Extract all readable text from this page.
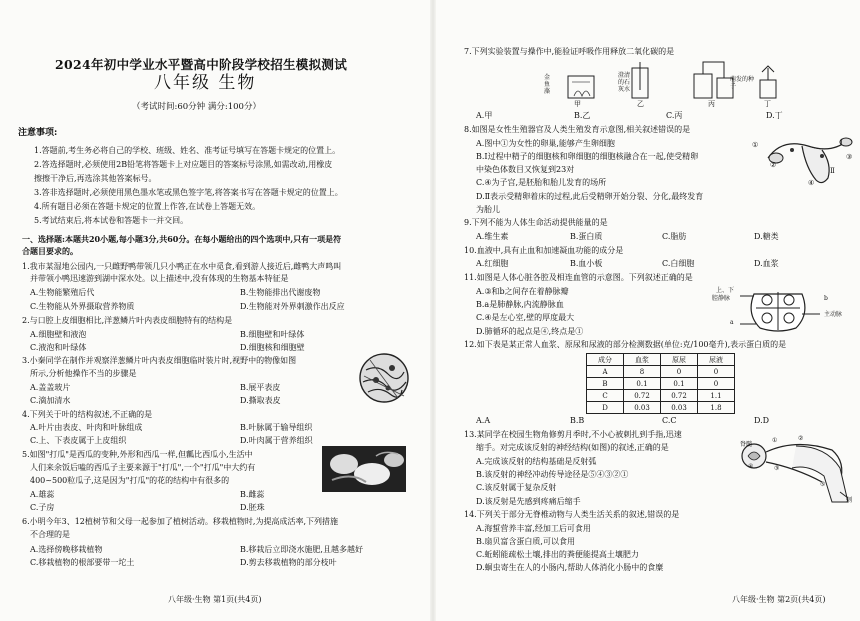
2024年初中学业水平暨高中阶段学校招生模拟测试
八年级 生物
（考试时间:60分钟 满分:100分）
注意事项:
1.答题前,考生务必将自己的学校、班级、姓名、准考证号填写在答题卡规定的位置上。
2.答选择题时,必须使用2B铅笔将答题卡上对应题目的答案标号涂黑,如需改动,用橡皮
擦擦干净后,再选涂其他答案标号。
3.答非选择题时,必须使用黑色墨水笔或黑色签字笔,将答案书写在答题卡规定的位置上。
4.所有题目必须在答题卡规定的位置上作答,在试卷上答题无效。
5.考试结束后,将本试卷和答题卡一并交回。
一、选择题:本题共20小题,每小题3分,共60分。在每小题给出的四个选项中,只有一项是符
合题目要求的。
1.我市某湿地公园内,一只雌野鸭带领几只小鸭正在水中觅食,看到游人接近后,雌鸭大声鸣叫
并带领小鸭迅速游到湖中深水处。以上描述中,没有体现的生物基本特征是
A.生物能繁殖后代	B.生物能排出代谢废物
C.生物能从外界摄取营养物质	D.生物能对外界刺激作出反应
2.与口腔上皮细胞相比,洋葱鳞片叶内表皮细胞特有的结构是
A.细胞壁和液泡	B.细胞壁和叶绿体
C.液泡和叶绿体	D.细胞核和细胞壁
3.小秦同学在制作并观察洋葱鳞片叶内表皮细胞临时装片时,视野中的物像如图
所示,分析他操作不当的步骤是
A.盖盖玻片	B.展平表皮
C.滴加清水	D.撕取表皮
4.下列关于叶的结构叙述,不正确的是
A.叶片由表皮、叶肉和叶脉组成	B.叶脉属于输导组织
C.上、下表皮属于上皮组织	D.叶肉属于营养组织
5.如图"打瓜"是西瓜的变种,外形和西瓜一样,但瓤比西瓜小,生活中
人们来余饭后嗑的西瓜子主要来源于"打瓜",一个"打瓜"中大约有
400~500粒瓜子,这是因为"打瓜"的花的结构中有很多的
A.雄蕊	B.雌蕊
C.子房	D.胚珠
6.小明今年3、12植树节和父母一起参加了植树活动。移栽植物时,为提高成活率,下列措施
不合理的是
A.选择傍晚移栽植物	B.移栽后立即浇水施肥,且越多越好
C.移栽植物的根部要带一坨土	D.剪去移栽植物的部分枝叶
八年级·生物 第1页(共4页)
7.下列实验装置与操作中,能验证呼吸作用释放二氧化碳的是
金鱼藻
澄清的石灰水
萌发的种子
甲	乙	丙	丁
A.甲	B.乙	C.丙	D.丁
8.如图是女性生殖器官及人类生殖发育示意图,相关叙述错误的是
A.图中①为女性的卵巢,能够产生卵细胞
B.Ⅰ过程中精子的细胞核和卵细胞的细胞核融合在一起,使受精卵
中染色体数目又恢复到23对
C.④为子宫,是胚胎和胎儿发育的场所
D.Ⅱ表示受精卵着床的过程,此后受精卵开始分裂、分化,最终发育
为胎儿
①
②
③
④
Ⅰ
Ⅱ
9.下列不能为人体生命活动提供能量的是
A.维生素	B.蛋白质	C.脂肪	D.糖类
10.血液中,具有止血和加速凝血功能的成分是
A.红细胞	B.血小板	C.白细胞	D.血浆
11.如图是人体心脏各腔及相连血管的示意图。下列叙述正确的是
A.③和b之间存在着静脉瓣
B.a是肺静脉,内流静脉血
C.④是左心室,壁的厚度最大
D.肺循环的起点是④,终点是①
上、下
腔静脉
a
b
主动脉
12.如下表是某正常人血浆、原尿和尿液的部分检测数据(单位:克/100毫升),表示蛋白质的是
成分	血浆	原尿	尿液
A	8	0	0
B	0.1	0.1	0
C	0.72	0.72	1.1
D	0.03	0.03	1.8
A.A	B.B	C.C	D.D
13.某同学在校园生物角修剪月季时,不小心被刺扎到手指,迅速
缩手。对完成该反射的神经结构(如图)的叙述,正确的是
A.完成该反射的结构基础是反射弧
B.该反射的神经冲动传导途径是⑤④③②①
C.该反射属于复杂反射
D.该反射是先感到疼痛后缩手
脊髓
①	②
③
④
⑤
刺
14.下列关于部分无脊椎动物与人类生活关系的叙述,错误的是
A.海蜇营养丰富,经加工后可食用
B.扇贝富含蛋白质,可以食用
C.蚯蚓能疏松土壤,排出的粪便能提高土壤肥力
D.蛔虫寄生在人的小肠内,帮助人体消化小肠中的食糜
八年级·生物 第2页(共4页)
